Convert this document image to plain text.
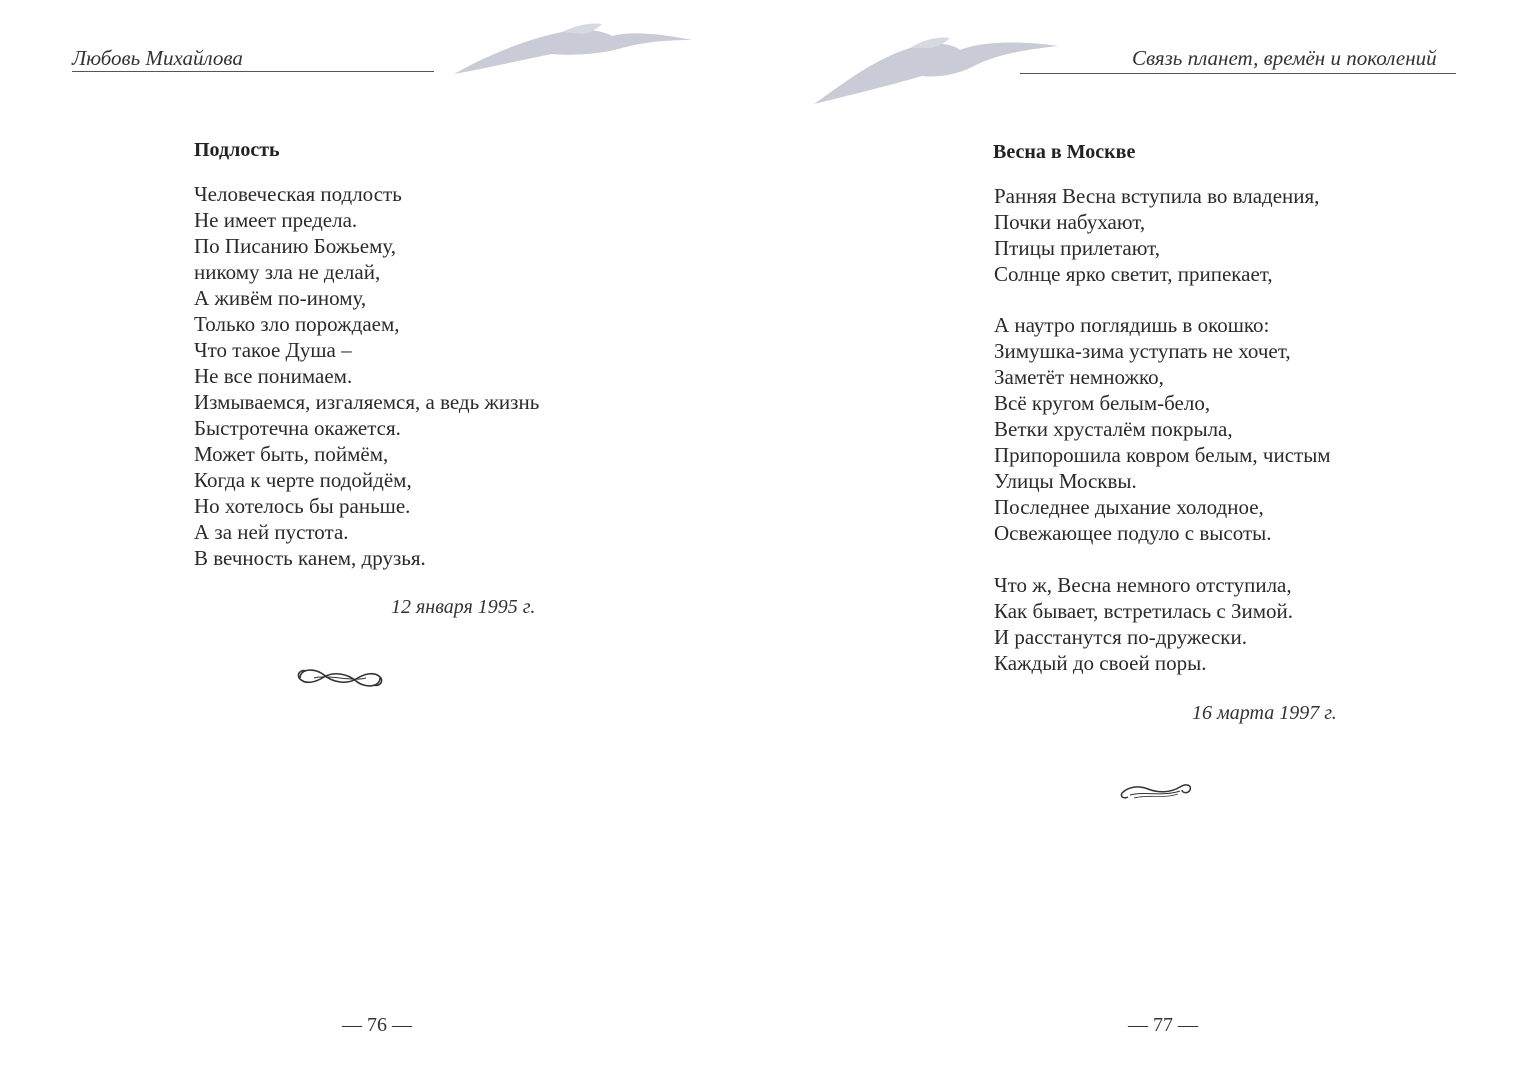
Любовь Михайлова
Подлость
Человеческая подлость
Не имеет предела.
По Писанию Божьему,
никому зла не делай,
А живём по-иному,
Только зло порождаем,
Что такое Душа –
Не все понимаем.
Измываемся, изгаляемся, а ведь жизнь
Быстротечна окажется.
Может быть, поймём,
Когда к черте подойдём,
Но хотелось бы раньше.
А за ней пустота.
В вечность канем, друзья.
12 января 1995 г.
— 76 —
Связь планет, времён и поколений
Весна в Москве
Ранняя Весна вступила во владения,
Почки набухают,
Птицы прилетают,
Солнце ярко светит, припекает,
А наутро поглядишь в окошко:
Зимушка-зима уступать не хочет,
Заметёт немножко,
Всё кругом белым-бело,
Ветки хрусталём покрыла,
Припорошила ковром белым, чистым
Улицы Москвы.
Последнее дыхание холодное,
Освежающее подуло с высоты.
Что ж, Весна немного отступила,
Как бывает, встретилась с Зимой.
И расстанутся по-дружески.
Каждый до своей поры.
16 марта 1997 г.
— 77 —
